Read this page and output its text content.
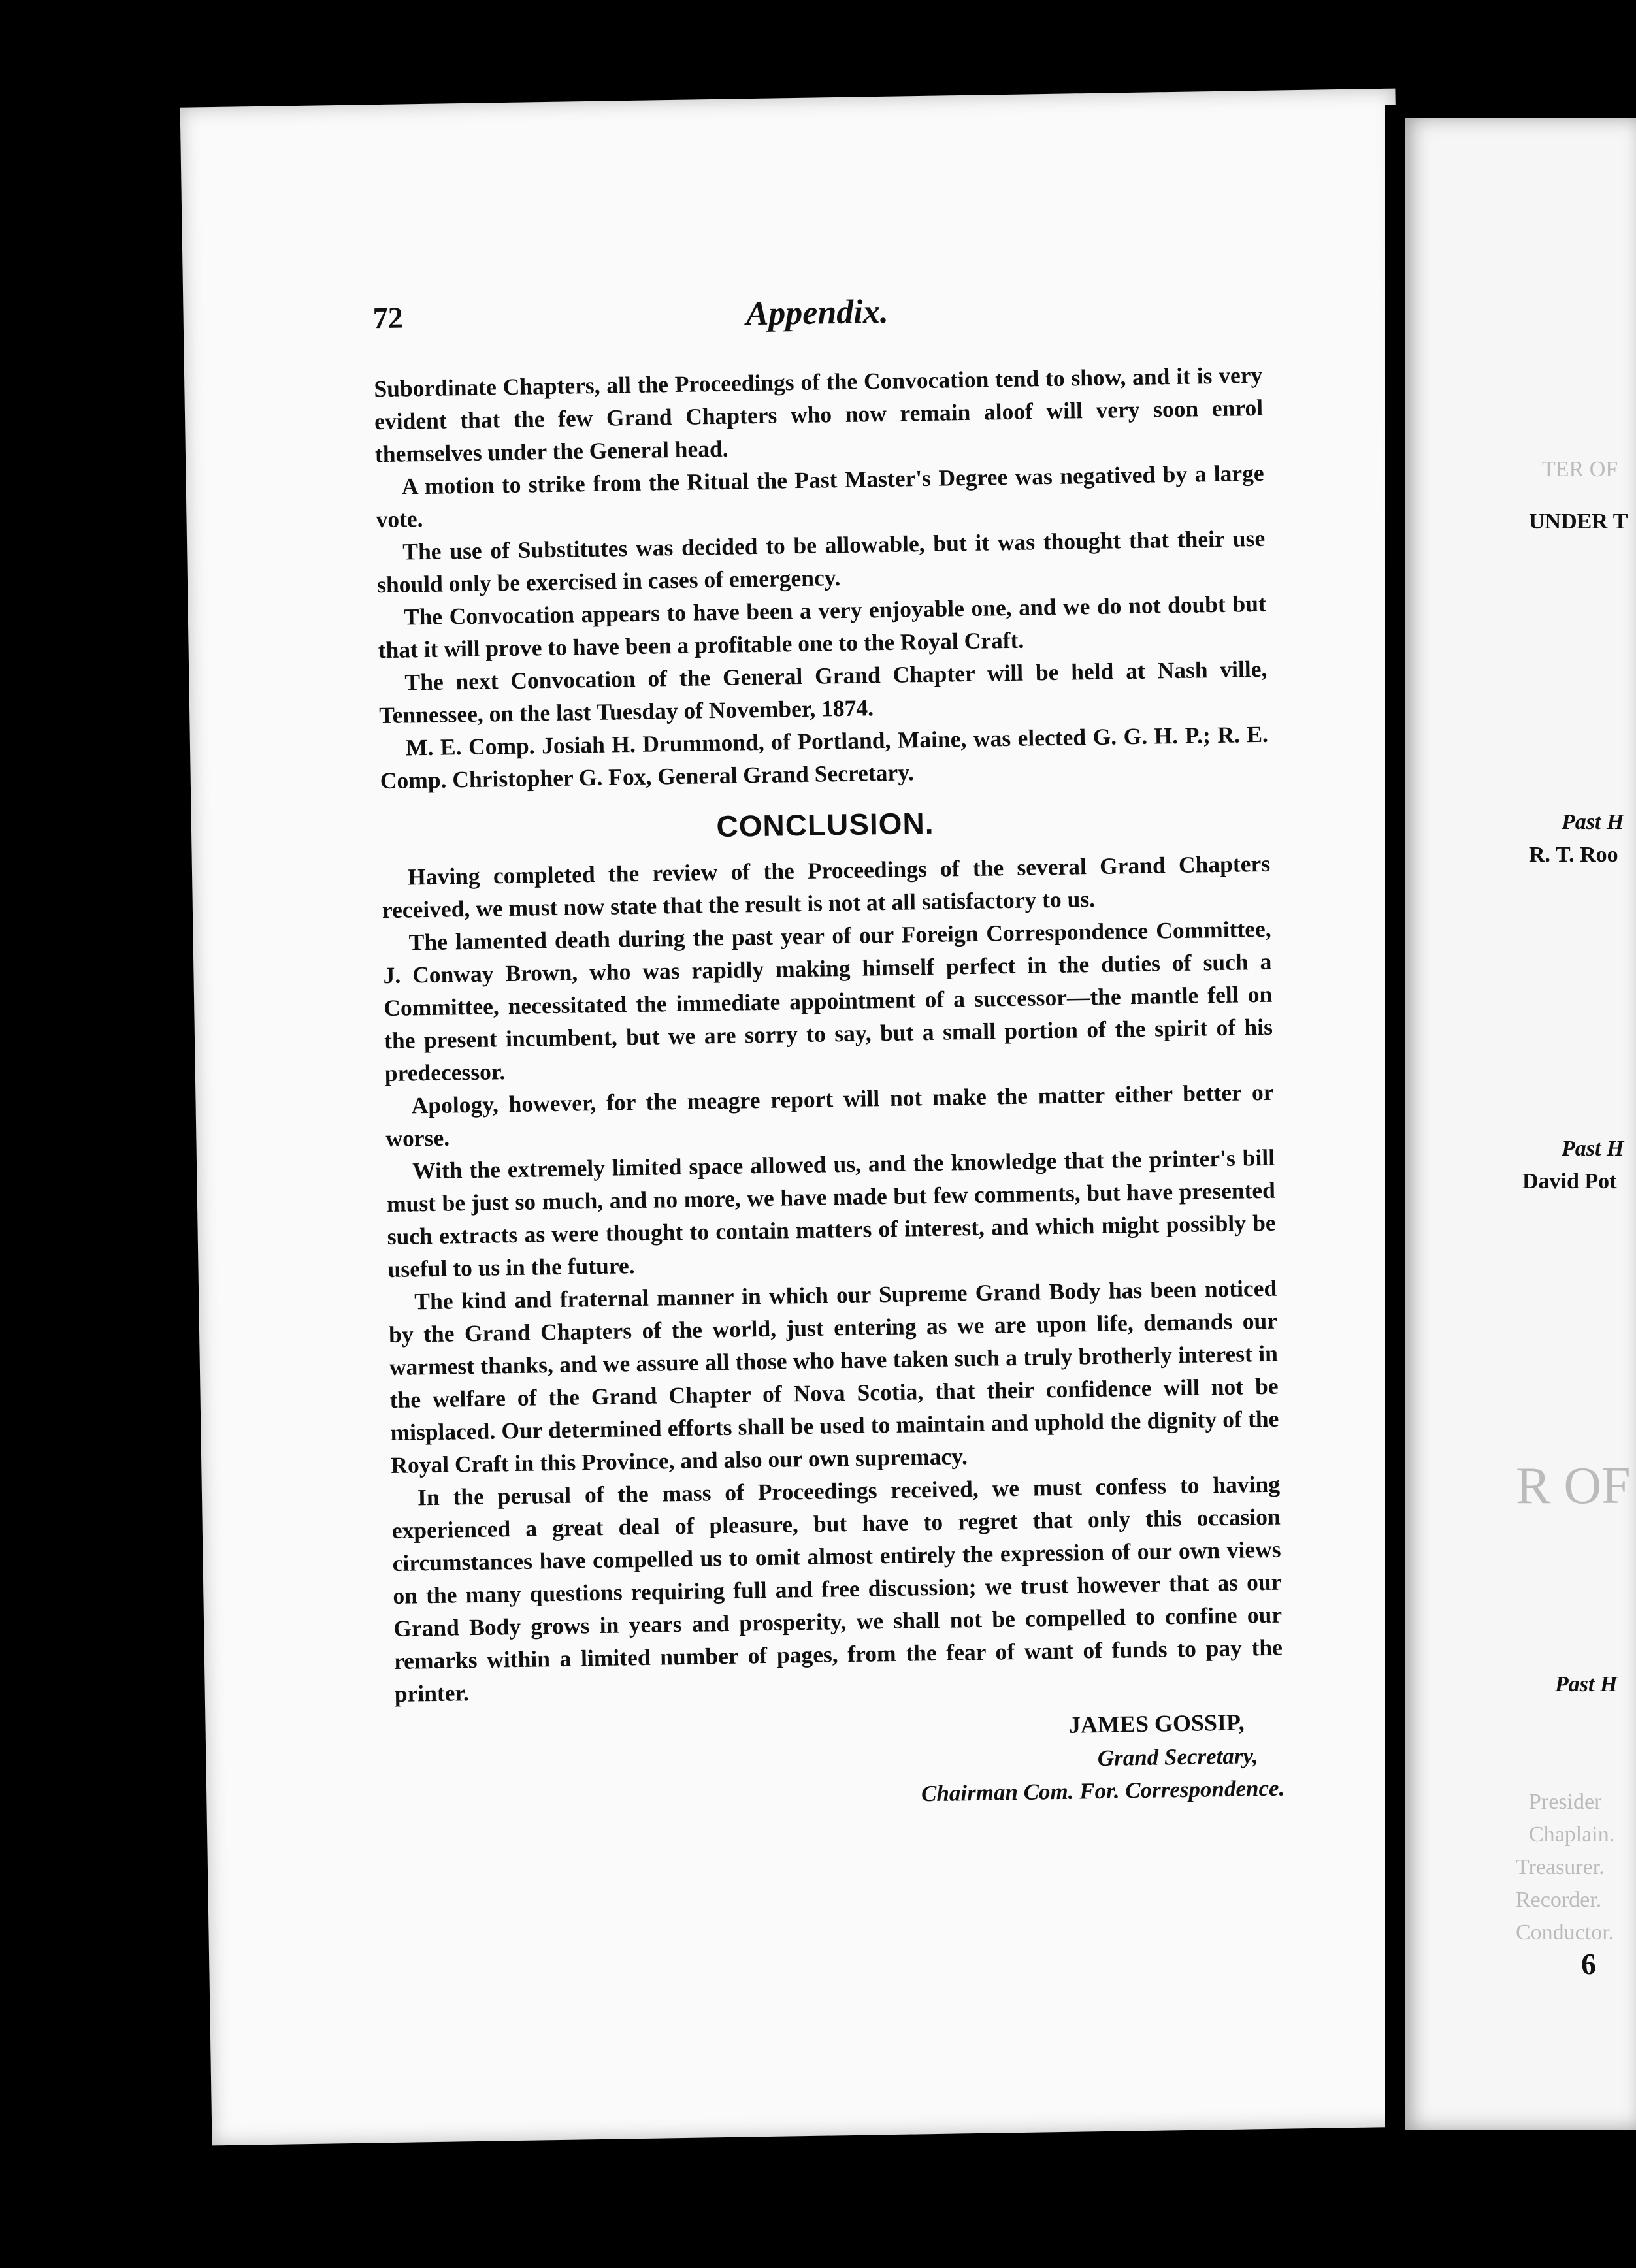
72	Appendix.

Subordinate Chapters, all the Proceedings of the Convocation tend to show, and it is very evident that the few Grand Chapters who now remain aloof will very soon enrol themselves under the General head.

A motion to strike from the Ritual the Past Master's Degree was negatived by a large vote.

The use of Substitutes was decided to be allowable, but it was thought that their use should only be exercised in cases of emergency.

The Convocation appears to have been a very enjoyable one, and we do not doubt but that it will prove to have been a profitable one to the Royal Craft.

The next Convocation of the General Grand Chapter will be held at Nash ville, Tennessee, on the last Tuesday of November, 1874.

M. E. Comp. Josiah H. Drummond, of Portland, Maine, was elected G. G. H. P.; R. E. Comp. Christopher G. Fox, General Grand Secretary.

CONCLUSION.

Having completed the review of the Proceedings of the several Grand Chapters received, we must now state that the result is not at all satisfactory to us.

The lamented death during the past year of our Foreign Correspondence Committee, J. Conway Brown, who was rapidly making himself perfect in the duties of such a Committee, necessitated the immediate appointment of a successor—the mantle fell on the present incumbent, but we are sorry to say, but a small portion of the spirit of his predecessor.

Apology, however, for the meagre report will not make the matter either better or worse.

With the extremely limited space allowed us, and the knowledge that the printer's bill must be just so much, and no more, we have made but few comments, but have presented such extracts as were thought to contain matters of interest, and which might possibly be useful to us in the future.

The kind and fraternal manner in which our Supreme Grand Body has been noticed by the Grand Chapters of the world, just entering as we are upon life, demands our warmest thanks, and we assure all those who have taken such a truly brotherly interest in the welfare of the Grand Chapter of Nova Scotia, that their confidence will not be misplaced. Our determined efforts shall be used to maintain and uphold the dignity of the Royal Craft in this Province, and also our own supremacy.

In the perusal of the mass of Proceedings received, we must confess to having experienced a great deal of pleasure, but have to regret that only this occasion circumstances have compelled us to omit almost entirely the expression of our own views on the many questions requiring full and free discussion; we trust however that as our Grand Body grows in years and prosperity, we shall not be compelled to confine our remarks within a limited number of pages, from the fear of want of funds to pay the printer.

JAMES GOSSIP,
Grand Secretary,
Chairman Com. For. Correspondence.
TER OF
UNDER T
Past H
R. T. Roo
Past H
David Pot
R OF
Past H
Presider
Chaplain.
Treasurer.
Recorder.
Conductor.
6
